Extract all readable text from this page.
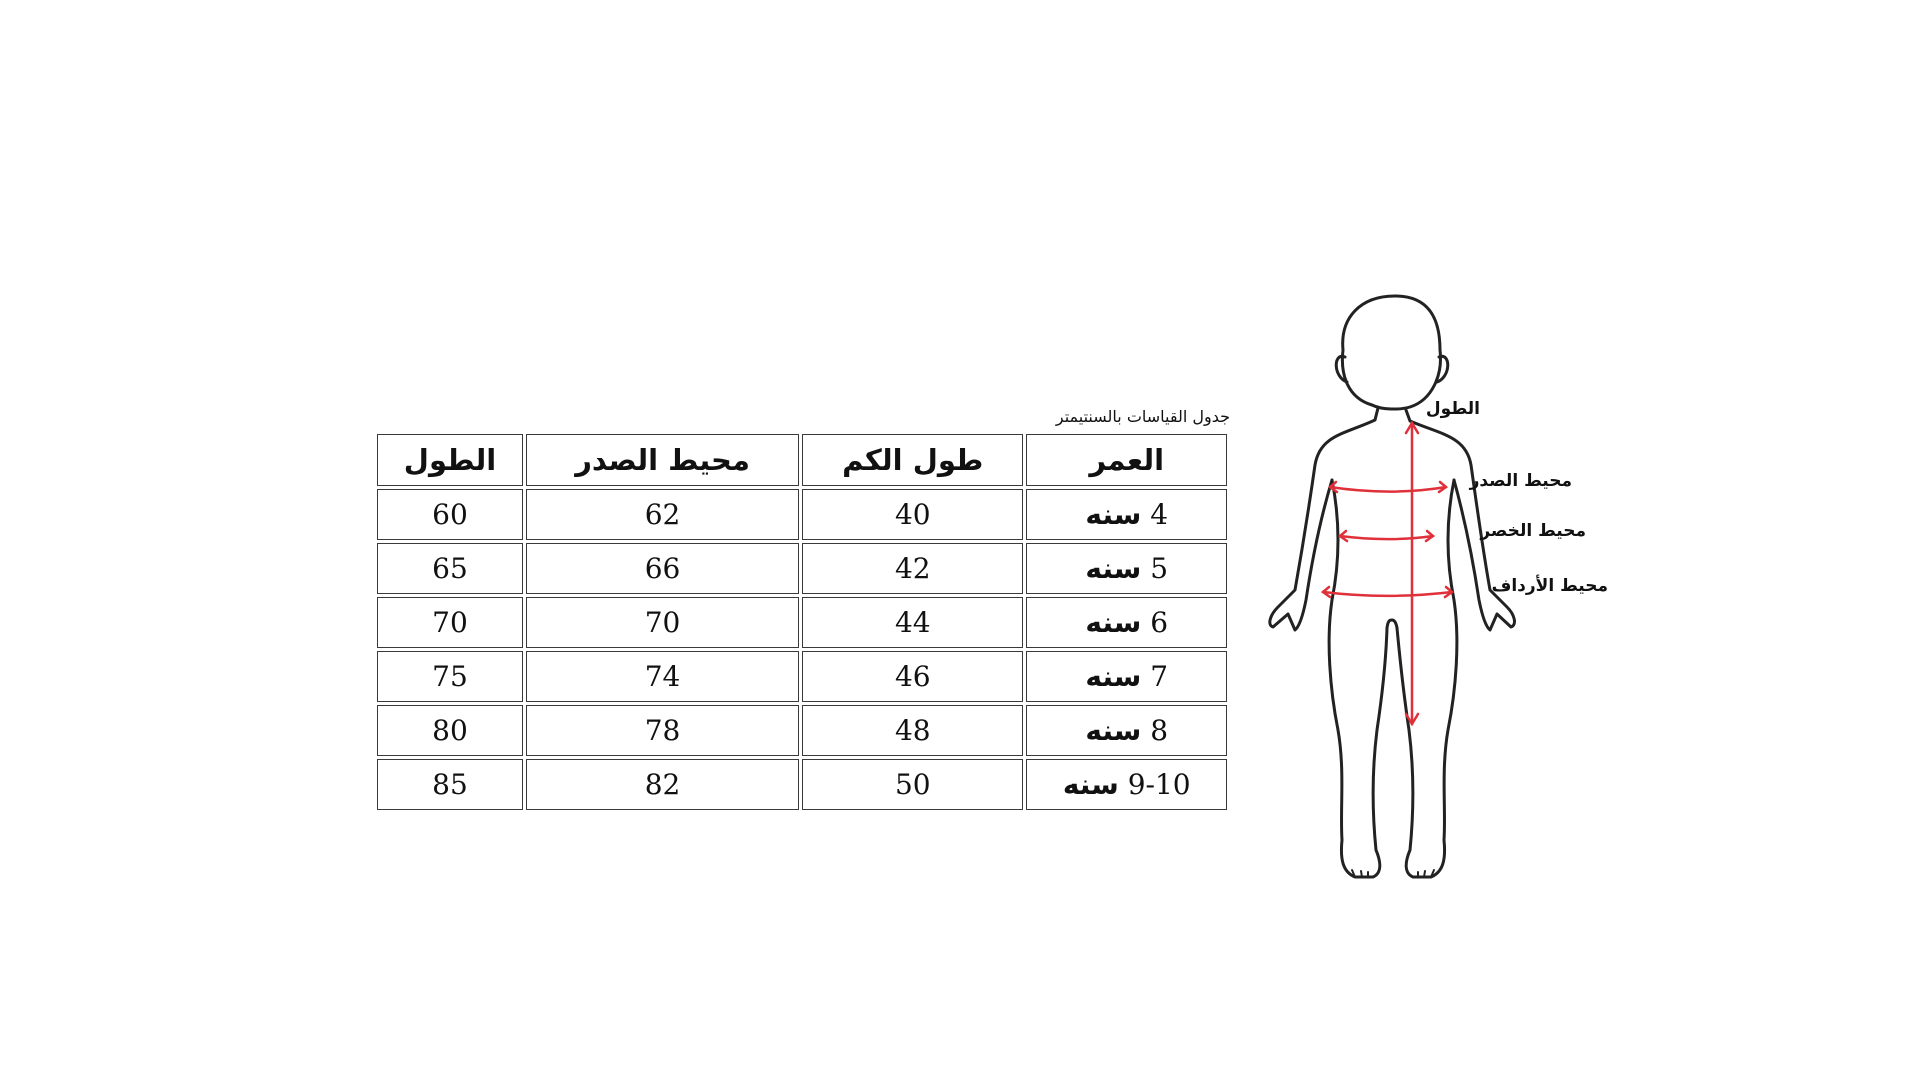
جدول القياسات بالسنتيمتر
العمر	طول الكم	محيط الصدر	الطول
4 سنه	40	62	60
5 سنه	42	66	65
6 سنه	44	70	70
7 سنه	46	74	75
8 سنه	48	78	80
9-10 سنه	50	82	85
الطول
محيط الصدر
محيط الخصر
محيط الأرداف
